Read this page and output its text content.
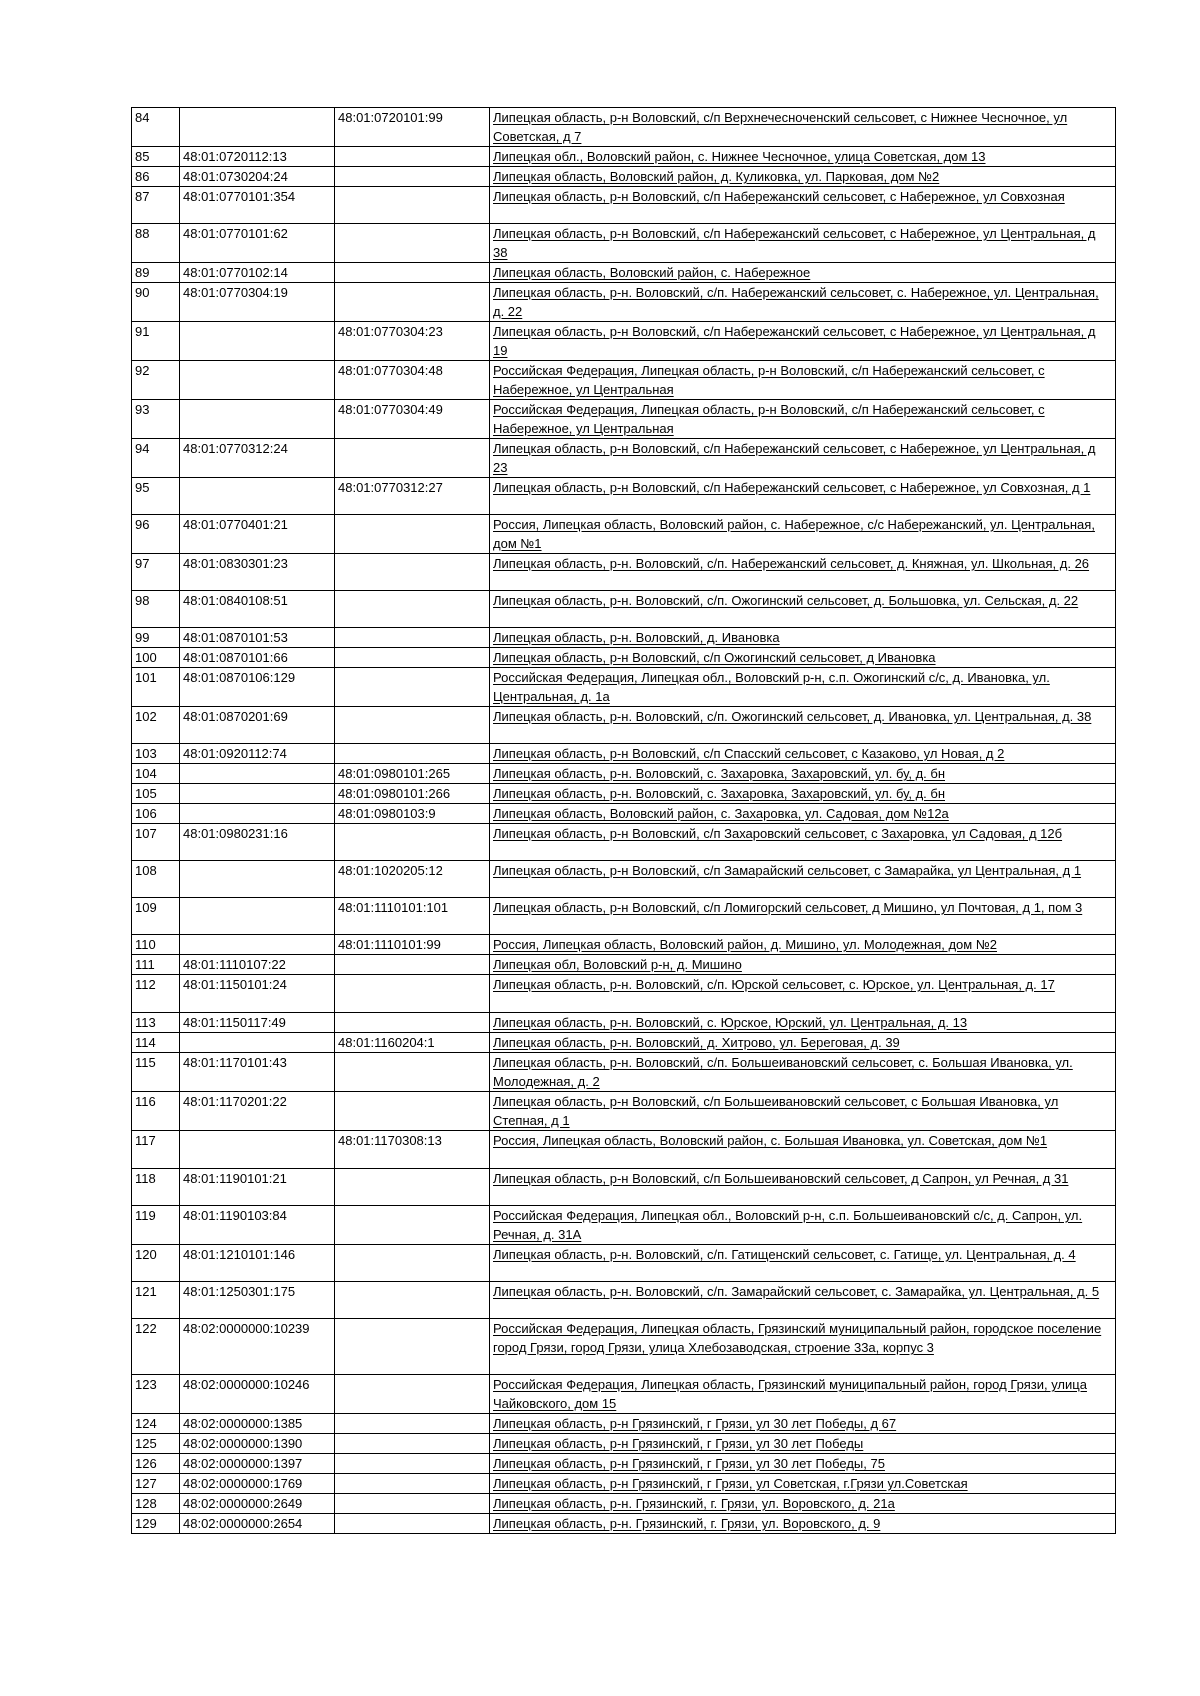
84		48:01:0720101:99	Липецкая область, р-н Воловский, с/п Верхнечесноченский сельсовет, с Нижнее Чесночное, ул Советская, д 7
85	48:01:0720112:13		Липецкая обл., Воловский район, с. Нижнее Чесночное, улица Советская, дом 13
86	48:01:0730204:24		Липецкая область, Воловский район, д. Куликовка, ул. Парковая, дом №2
87	48:01:0770101:354		Липецкая область, р-н Воловский, с/п Набережанский сельсовет, с Набережное, ул Совхозная
88	48:01:0770101:62		Липецкая область, р-н Воловский, с/п Набережанский сельсовет, с Набережное, ул Центральная, д 38
89	48:01:0770102:14		Липецкая область, Воловский район, с. Набережное
90	48:01:0770304:19		Липецкая область, р-н. Воловский, с/п. Набережанский сельсовет, с. Набережное, ул. Центральная, д. 22
91		48:01:0770304:23	Липецкая область, р-н Воловский, с/п Набережанский сельсовет, с Набережное, ул Центральная, д 19
92		48:01:0770304:48	Российская Федерация, Липецкая область, р-н Воловский, с/п Набережанский сельсовет, с Набережное, ул Центральная
93		48:01:0770304:49	Российская Федерация, Липецкая область, р-н Воловский, с/п Набережанский сельсовет, с Набережное, ул Центральная
94	48:01:0770312:24		Липецкая область, р-н Воловский, с/п Набережанский сельсовет, с Набережное, ул Центральная, д 23
95		48:01:0770312:27	Липецкая область, р-н Воловский, с/п Набережанский сельсовет, с Набережное, ул Совхозная, д 1
96	48:01:0770401:21		Россия, Липецкая область, Воловский район, с. Набережное, с/с Набережанский, ул. Центральная, дом №1
97	48:01:0830301:23		Липецкая область, р-н. Воловский, с/п. Набережанский сельсовет, д. Княжная, ул. Школьная, д. 26
98	48:01:0840108:51		Липецкая область, р-н. Воловский, с/п. Ожогинский сельсовет, д. Большовка, ул. Сельская, д. 22
99	48:01:0870101:53		Липецкая область, р-н. Воловский, д. Ивановка
100	48:01:0870101:66		Липецкая область, р-н Воловский, с/п Ожогинский сельсовет, д Ивановка
101	48:01:0870106:129		Российская Федерация, Липецкая обл., Воловский р-н, с.п. Ожогинский с/с, д. Ивановка, ул. Центральная, д. 1а
102	48:01:0870201:69		Липецкая область, р-н. Воловский, с/п. Ожогинский сельсовет, д. Ивановка, ул. Центральная, д. 38
103	48:01:0920112:74		Липецкая область, р-н Воловский, с/п Спасский сельсовет, с Казаково, ул Новая, д 2
104		48:01:0980101:265	Липецкая область, р-н. Воловский, с. Захаровка, Захаровский, ул. бу, д. бн
105		48:01:0980101:266	Липецкая область, р-н. Воловский, с. Захаровка, Захаровский, ул. бу, д. бн
106		48:01:0980103:9	Липецкая область, Воловский район, с. Захаровка, ул. Садовая, дом №12а
107	48:01:0980231:16		Липецкая область, р-н Воловский, с/п Захаровский сельсовет, с Захаровка, ул Садовая, д 12б
108		48:01:1020205:12	Липецкая область, р-н Воловский, с/п Замарайский сельсовет, с Замарайка, ул Центральная, д 1
109		48:01:1110101:101	Липецкая область, р-н Воловский, с/п Ломигорский сельсовет, д Мишино, ул Почтовая, д 1, пом 3
110		48:01:1110101:99	Россия, Липецкая область, Воловский район, д. Мишино, ул. Молодежная, дом №2
111	48:01:1110107:22		Липецкая обл, Воловский р-н, д. Мишино
112	48:01:1150101:24		Липецкая область, р-н. Воловский, с/п. Юрской сельсовет, с. Юрское, ул. Центральная, д. 17
113	48:01:1150117:49		Липецкая область, р-н. Воловский, с. Юрское, Юрский, ул. Центральная, д. 13
114		48:01:1160204:1	Липецкая область, р-н. Воловский, д. Хитрово, ул. Береговая, д. 39
115	48:01:1170101:43		Липецкая область, р-н. Воловский, с/п. Большеивановский сельсовет, с. Большая Ивановка, ул. Молодежная, д. 2
116	48:01:1170201:22		Липецкая область, р-н Воловский, с/п Большеивановский сельсовет, с Большая Ивановка, ул Степная, д 1
117		48:01:1170308:13	Россия, Липецкая область, Воловский район, с. Большая Ивановка, ул. Советская, дом №1
118	48:01:1190101:21		Липецкая область, р-н Воловский, с/п Большеивановский сельсовет, д Сапрон, ул Речная, д 31
119	48:01:1190103:84		Российская Федерация, Липецкая обл., Воловский р-н, с.п. Большеивановский с/с, д. Сапрон, ул. Речная, д. 31А
120	48:01:1210101:146		Липецкая область, р-н. Воловский, с/п. Гатищенский сельсовет, с. Гатище, ул. Центральная, д. 4
121	48:01:1250301:175		Липецкая область, р-н. Воловский, с/п. Замарайский сельсовет, с. Замарайка, ул. Центральная, д. 5
122	48:02:0000000:10239		Российская Федерация, Липецкая область, Грязинский муниципальный район, городское поселение город Грязи, город Грязи, улица Хлебозаводская, строение 33а, корпус 3
123	48:02:0000000:10246		Российская Федерация, Липецкая область, Грязинский муниципальный район, город Грязи, улица Чайковского, дом 15
124	48:02:0000000:1385		Липецкая область, р-н Грязинский, г Грязи, ул 30 лет Победы, д 67
125	48:02:0000000:1390		Липецкая область, р-н Грязинский, г Грязи, ул 30 лет Победы
126	48:02:0000000:1397		Липецкая область, р-н Грязинский, г Грязи, ул 30 лет Победы, 75
127	48:02:0000000:1769		Липецкая область, р-н Грязинский, г Грязи, ул Советская, г.Грязи ул.Советская
128	48:02:0000000:2649		Липецкая область, р-н. Грязинский, г. Грязи, ул. Воровского, д. 21а
129	48:02:0000000:2654		Липецкая область, р-н. Грязинский, г. Грязи, ул. Воровского, д. 9
